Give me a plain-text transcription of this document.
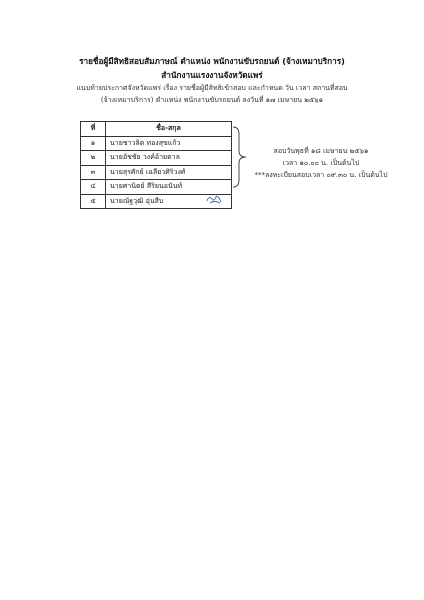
รายชื่อผู้มีสิทธิสอบสัมภาษณ์ ตำแหน่ง พนักงานขับรถยนต์ (จ้างเหมาบริการ)
สำนักงานแรงงานจังหวัดแพร่
แนบท้ายประกาศจังหวัดแพร่ เรื่อง รายชื่อผู้มีสิทธิเข้าสอบ และกำหนด วัน เวลา สถานที่สอบ
(จ้างเหมาบริการ) ตำแหน่ง พนักงานขับรถยนต์ ลงวันที่ ๑๗ เมษายน ๒๕๖๑
ที่	ชื่อ-สกุล
๑	นายชาวลิต ทองสุขแก้ว
๒	นายอัชชัย วงค์อ้ายตาล
๓	นายสุรศักย์ เฉลียวศิริวงศ์
๔	นายศานิตย์ สีริยนอนันท์
๕	นายณัฐวุฒิ อุ่นสืบ
สอบวันพุธที่ ๑๘ เมษายน ๒๕๖๑
เวลา ๑๐.๐๐ น. เป็นต้นไป
***ลงทะเบียนสอบเวลา ๐๙.๓๐ น. เป็นต้นไป
